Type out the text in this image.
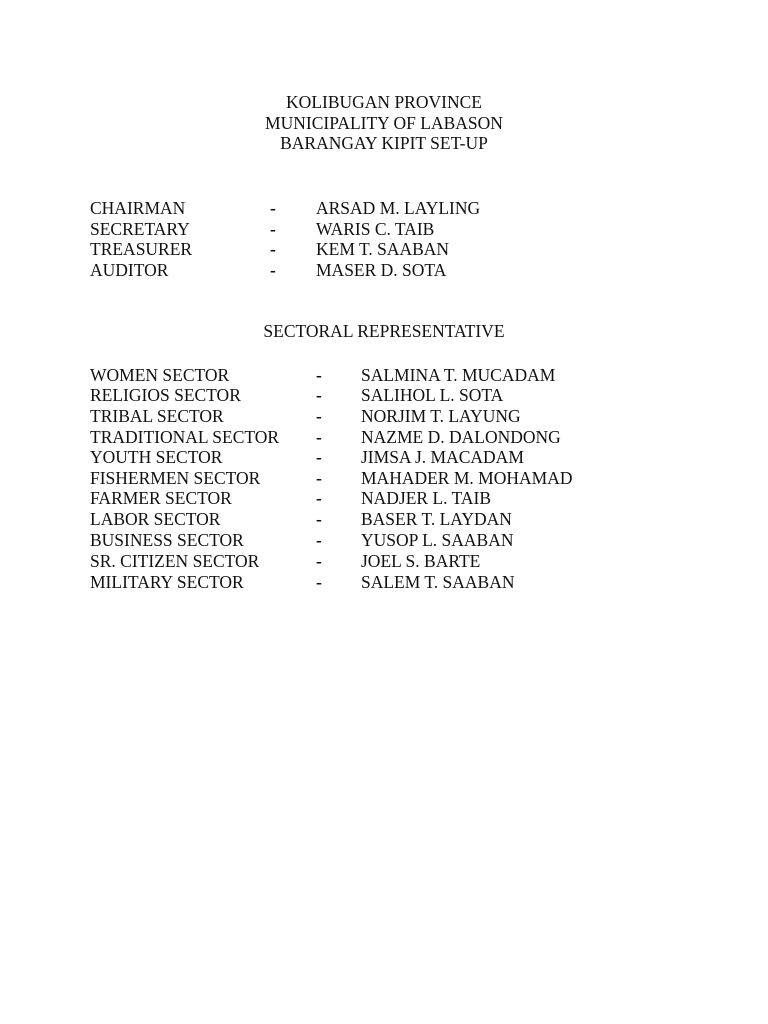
KOLIBUGAN PROVINCE
MUNICIPALITY OF LABASON
BARANGAY KIPIT SET-UP
CHAIRMAN	- ARSAD M. LAYLING
SECRETARY	- WARIS C. TAIB
TREASURER	- KEM T. SAABAN
AUDITOR	- MASER D. SOTA
SECTORAL REPRESENTATIVE
WOMEN SECTOR	- SALMINA T. MUCADAM
RELIGIOS SECTOR	- SALIHOL L. SOTA
TRIBAL SECTOR	- NORJIM T. LAYUNG
TRADITIONAL SECTOR - NAZME D. DALONDONG
YOUTH SECTOR	- JIMSA J. MACADAM
FISHERMEN SECTOR	- MAHADER M. MOHAMAD
FARMER SECTOR	- NADJER L. TAIB
LABOR SECTOR	- BASER T. LAYDAN
BUSINESS SECTOR	- YUSOP L. SAABAN
SR. CITIZEN SECTOR	- JOEL S. BARTE
MILITARY SECTOR	- SALEM T. SAABAN
